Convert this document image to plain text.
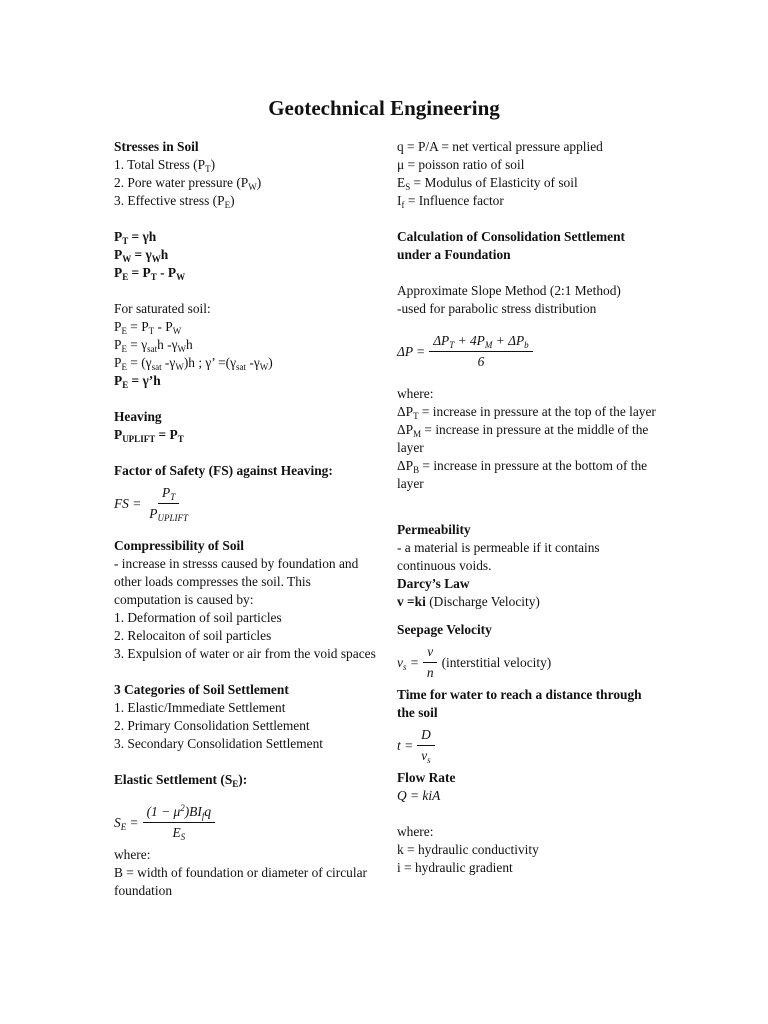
Geotechnical Engineering

Stresses in Soil

1. Total Stress $(P_T)$

2. Pore water pressure $(P_W)$

3. Effective stress $(P_E)$

$P_T = \gamma h$

$P_W = \gamma_Wh$

$P_E = P_T - P_W$

For saturated soil:

$P_E = P_T - P_W$

$P_E = \gamma_{sat}h$ $-\gamma_Wh$

$P_E = (\gamma_{sat}$ $-\gamma_W)h$ ; γ’ $=(\gamma_{sat}$ $-\gamma_W$)

$P_E$ = γ’h

Heaving

$P_{UPLIFT} = P_T$

Factor of Safety (FS) against Heaving:

FS = $\frac{P_T}{P_{UPLIFT}}$

Compressibility of Soil

- increase in stresss caused by foundation and other loads compresses the soil. This computation is caused by:

1. Deformation of soil particles

2. Relocaiton of soil particles

3. Expulsion of water or air from the void spaces

3 Categories of Soil Settlement

1. Elastic/Immediate Settlement

2. Primary Consolidation Settlement

3. Secondary Consolidation Settlement

Elastic Settlement $(S_E)$:

$S_E = \frac{(1 - \mu^2)BI_fq}{E_S}$

where:

B = width of foundation or diameter of circular foundation

q = P/A = net vertical pressure applied

μ = poisson ratio of soil

$E_S$ = Modulus of Elasticity of soil

$I_f$ = Influence factor

Calculation of Consolidation Settlement under a Foundation

Approximate Slope Method (2:1 Method)

-used for parabolic stress distribution

$\Delta P = \frac{\Delta P_T + 4P_M + \Delta P_b}{6}$

where:

$\Delta P_T$ = increase in pressure at the top of the layer

$\Delta P_M$ = increase in pressure at the middle of the layer

$\Delta P_B$ = increase in pressure at the bottom of the layer

Permeability

- a material is permeable if it contains continuous voids.

Darcy’s Law

v =ki (Discharge Velocity)

Seepage Velocity

$v_s = \frac{v}{n}$ (interstitial velocity)

Time for water to reach a distance through the soil

$t = \frac{D}{v_s}$

Flow Rate

Q = kiA

where:

k = hydraulic conductivity

i = hydraulic gradient
